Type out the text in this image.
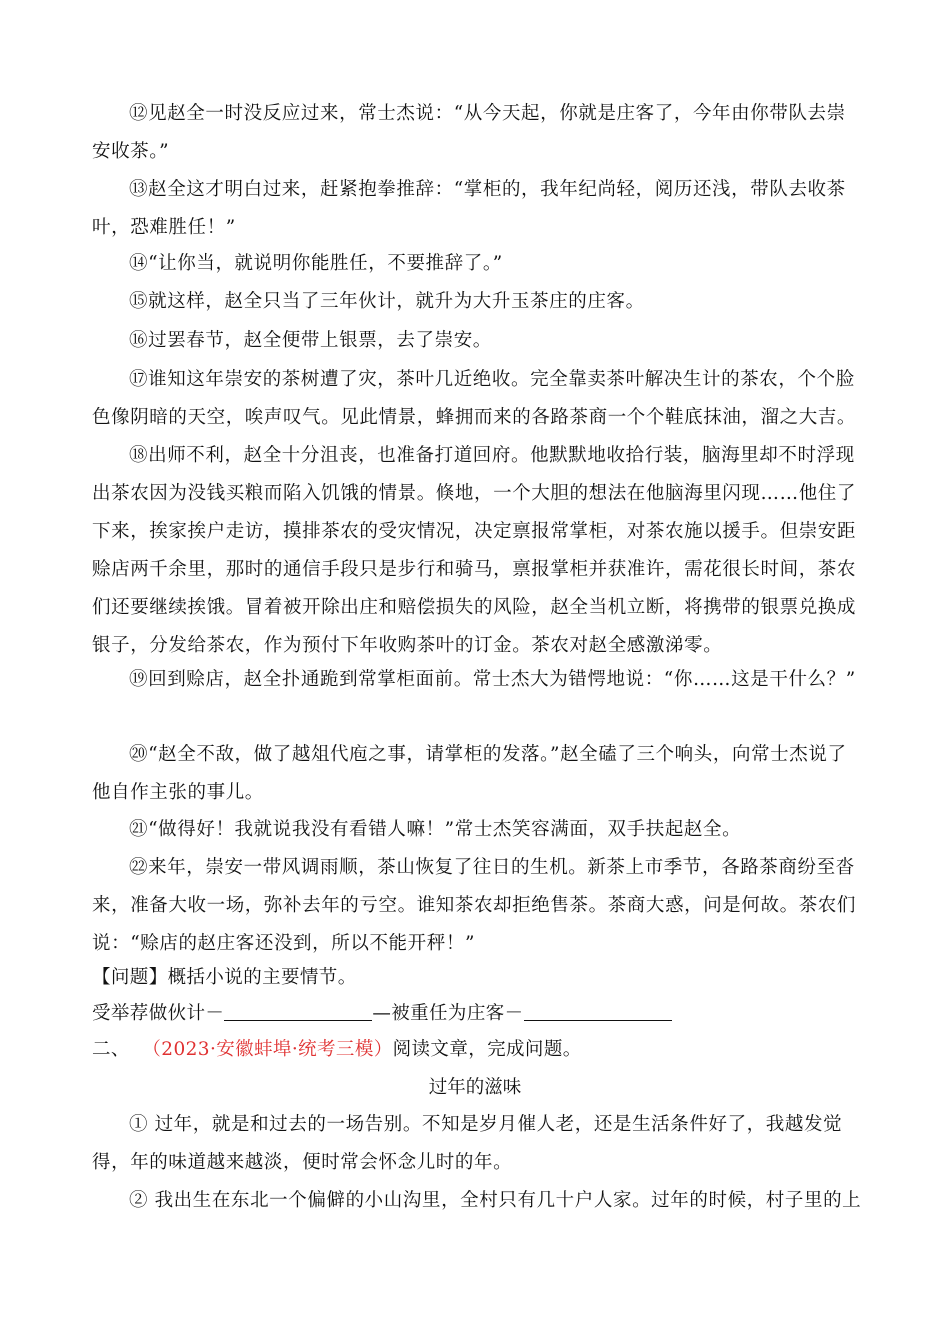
⑫见赵全一时没反应过来，常士杰说：“从今天起，你就是庄客了，今年由你带队去崇安收茶。”
⑬赵全这才明白过来，赶紧抱拳推辞：“掌柜的，我年纪尚轻，阅历还浅，带队去收茶叶，恐难胜任！”
⑭“让你当，就说明你能胜任，不要推辞了。”
⑮就这样，赵全只当了三年伙计，就升为大升玉茶庄的庄客。
⑯过罢春节，赵全便带上银票，去了崇安。
⑰谁知这年崇安的茶树遭了灾，茶叶几近绝收。完全靠卖茶叶解决生计的茶农，个个脸色像阴暗的天空，唉声叹气。见此情景，蜂拥而来的各路茶商一个个鞋底抹油，溜之大吉。
⑱出师不利，赵全十分沮丧，也准备打道回府。他默默地收拾行装，脑海里却不时浮现出茶农因为没钱买粮而陷入饥饿的情景。倏地，一个大胆的想法在他脑海里闪现……他住了下来，挨家挨户走访，摸排茶农的受灾情况，决定禀报常掌柜，对茶农施以援手。但崇安距赊店两千余里，那时的通信手段只是步行和骑马，禀报掌柜并获准许，需花很长时间，茶农们还要继续挨饿。冒着被开除出庄和赔偿损失的风险，赵全当机立断，将携带的银票兑换成银子，分发给茶农，作为预付下年收购茶叶的订金。茶农对赵全感激涕零。
⑲回到赊店，赵全扑通跪到常掌柜面前。常士杰大为错愕地说：“你……这是干什么？”
⑳“赵全不敌，做了越俎代庖之事，请掌柜的发落。”赵全磕了三个响头，向常士杰说了他自作主张的事儿。
㉑“做得好！我就说我没有看错人嘛！”常士杰笑容满面，双手扶起赵全。
㉒来年，崇安一带风调雨顺，茶山恢复了往日的生机。新茶上市季节，各路茶商纷至沓来，准备大收一场，弥补去年的亏空。谁知茶农却拒绝售茶。茶商大惑，问是何故。茶农们说：“赊店的赵庄客还没到，所以不能开秤！”
【问题】概括小说的主要情节。
受举荐做伙计－	—被重任为庄客－
二、 （2023·安徽蚌埠·统考三模）阅读文章，完成问题。
过年的滋味
① 过年，就是和过去的一场告别。不知是岁月催人老，还是生活条件好了，我越发觉得，年的味道越来越淡，便时常会怀念儿时的年。
② 我出生在东北一个偏僻的小山沟里，全村只有几十户人家。过年的时候，村子里的上
